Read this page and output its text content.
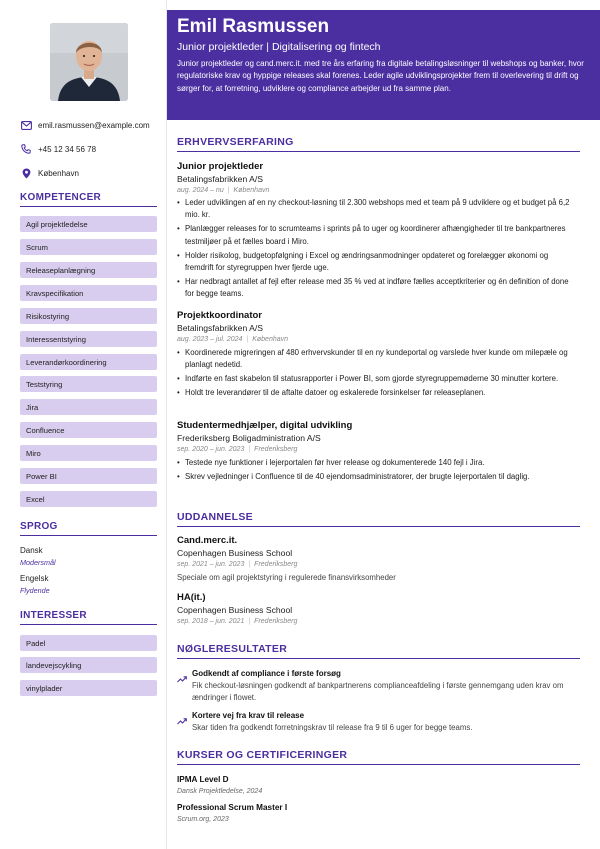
emil.rasmussen@example.com
+45 12 34 56 78
København
KOMPETENCER
Agil projektledelse
Scrum
Releaseplanlægning
Kravspecifikation
Risikostyring
Interessentstyring
Leverandørkoordinering
Teststyring
Jira
Confluence
Miro
Power BI
Excel
SPROG
Dansk
Modersmål
Engelsk
Flydende
INTERESSER
Padel
landevejscykling
vinylplader
Emil Rasmussen
Junior projektleder | Digitalisering og fintech
Junior projektleder og cand.merc.it. med tre års erfaring fra digitale betalingsløsninger til webshops og banker, hvor regulatoriske krav og hyppige releases skal forenes. Leder agile udviklingsprojekter frem til overlevering til drift og sørger for, at forretning, udviklere og compliance arbejder ud fra samme plan.
ERHVERVSERFARING
Junior projektleder
Betalingsfabrikken A/S
aug. 2024 – nu | København
• Leder udviklingen af en ny checkout-løsning til 2.300 webshops med et team på 9 udviklere og et budget på 6,2 mio. kr.
• Planlægger releases for to scrumteams i sprints på to uger og koordinerer afhængigheder til tre bankpartneres testmiljøer på et fælles board i Miro.
• Holder risikolog, budgetopfølgning i Excel og ændringsanmodninger opdateret og forelægger økonomi og fremdrift for styregruppen hver fjerde uge.
• Har nedbragt antallet af fejl efter release med 35 % ved at indføre fælles acceptkriterier og én definition of done for begge teams.
Projektkoordinator
Betalingsfabrikken A/S
aug. 2023 – jul. 2024 | København
• Koordinerede migreringen af 480 erhvervskunder til en ny kundeportal og varslede hver kunde om milepæle og planlagt nedetid.
• Indførte en fast skabelon til statusrapporter i Power BI, som gjorde styregruppemøderne 30 minutter kortere.
• Holdt tre leverandører til de aftalte datoer og eskalerede forsinkelser før releaseplanen.
Studentermedhjælper, digital udvikling
Frederiksberg Boligadministration A/S
sep. 2020 – jun. 2023 | Frederiksberg
• Testede nye funktioner i lejerportalen før hver release og dokumenterede 140 fejl i Jira.
• Skrev vejledninger i Confluence til de 40 ejendomsadministratorer, der brugte lejerportalen til daglig.
UDDANNELSE
Cand.merc.it.
Copenhagen Business School
sep. 2021 – jun. 2023 | Frederiksberg
Speciale om agil projektstyring i regulerede finansvirksomheder
HA(it.)
Copenhagen Business School
sep. 2018 – jun. 2021 | Frederiksberg
NØGLERESULTATER
Godkendt af compliance i første forsøg
Fik checkout-løsningen godkendt af bankpartnerens complianceafdeling i første gennemgang uden krav om ændringer i flowet.
Kortere vej fra krav til release
Skar tiden fra godkendt forretningskrav til release fra 9 til 6 uger for begge teams.
KURSER OG CERTIFICERINGER
IPMA Level D
Dansk Projektledelse, 2024
Professional Scrum Master I
Scrum.org, 2023
